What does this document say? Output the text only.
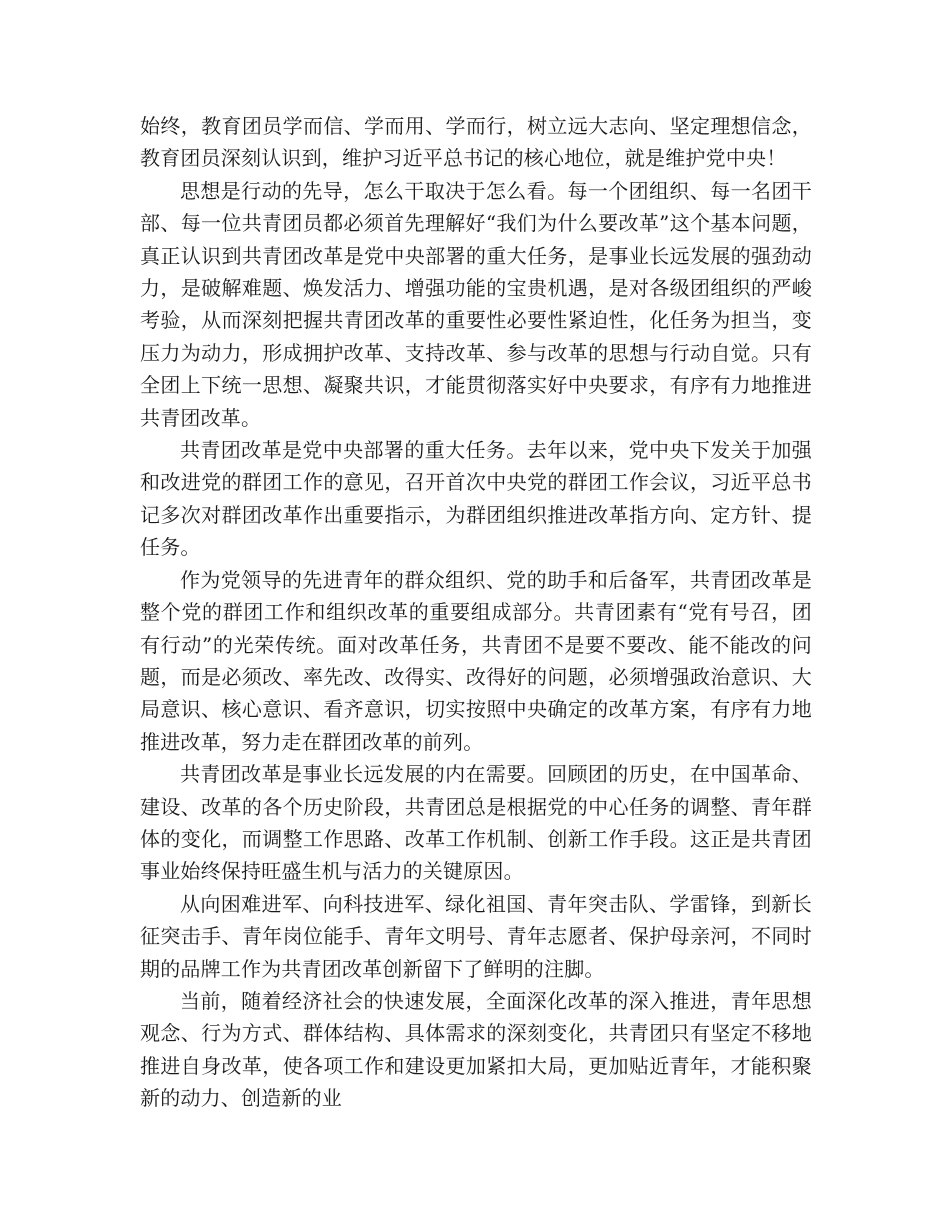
始终，教育团员学而信、学而用、学而行，树立远大志向、坚定理想信念，教育团员深刻认识到，维护习近平总书记的核心地位，就是维护党中央！

思想是行动的先导，怎么干取决于怎么看。每一个团组织、每一名团干部、每一位共青团员都必须首先理解好“我们为什么要改革”这个基本问题，真正认识到共青团改革是党中央部署的重大任务，是事业长远发展的强劲动力，是破解难题、焕发活力、增强功能的宝贵机遇，是对各级团组织的严峻考验，从而深刻把握共青团改革的重要性必要性紧迫性，化任务为担当，变压力为动力，形成拥护改革、支持改革、参与改革的思想与行动自觉。只有全团上下统一思想、凝聚共识，才能贯彻落实好中央要求，有序有力地推进共青团改革。

共青团改革是党中央部署的重大任务。去年以来，党中央下发关于加强和改进党的群团工作的意见，召开首次中央党的群团工作会议，习近平总书记多次对群团改革作出重要指示，为群团组织推进改革指方向、定方针、提任务。

作为党领导的先进青年的群众组织、党的助手和后备军，共青团改革是整个党的群团工作和组织改革的重要组成部分。共青团素有“党有号召，团有行动”的光荣传统。面对改革任务，共青团不是要不要改、能不能改的问题，而是必须改、率先改、改得实、改得好的问题，必须增强政治意识、大局意识、核心意识、看齐意识，切实按照中央确定的改革方案，有序有力地推进改革，努力走在群团改革的前列。

共青团改革是事业长远发展的内在需要。回顾团的历史，在中国革命、建设、改革的各个历史阶段，共青团总是根据党的中心任务的调整、青年群体的变化，而调整工作思路、改革工作机制、创新工作手段。这正是共青团事业始终保持旺盛生机与活力的关键原因。

从向困难进军、向科技进军、绿化祖国、青年突击队、学雷锋，到新长征突击手、青年岗位能手、青年文明号、青年志愿者、保护母亲河，不同时期的品牌工作为共青团改革创新留下了鲜明的注脚。

当前，随着经济社会的快速发展，全面深化改革的深入推进，青年思想观念、行为方式、群体结构、具体需求的深刻变化，共青团只有坚定不移地推进自身改革，使各项工作和建设更加紧扣大局，更加贴近青年，才能积聚新的动力、创造新的业
